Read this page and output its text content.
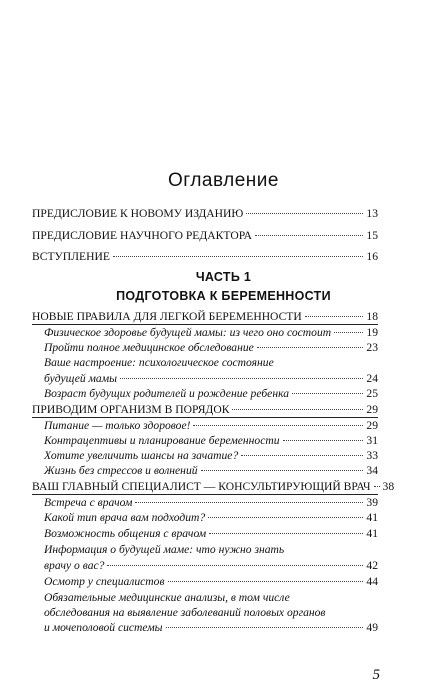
Оглавление
ПРЕДИСЛОВИЕ К НОВОМУ ИЗДАНИЮ	13
ПРЕДИСЛОВИЕ НАУЧНОГО РЕДАКТОРА	15
ВСТУПЛЕНИЕ	16
ЧАСТЬ 1
ПОДГОТОВКА К БЕРЕМЕННОСТИ
НОВЫЕ ПРАВИЛА ДЛЯ ЛЕГКОЙ БЕРЕМЕННОСТИ	18
Физическое здоровье будущей мамы: из чего оно состоит	19
Пройти полное медицинское обследование	23
Ваше настроение: психологическое состояние
будущей мамы	24
Возраст будущих родителей и рождение ребенка	25
ПРИВОДИМ ОРГАНИЗМ В ПОРЯДОК	29
Питание — только здоровое!	29
Контрацептивы и планирование беременности	31
Хотите увеличить шансы на зачатие?	33
Жизнь без стрессов и волнений	34
ВАШ ГЛАВНЫЙ СПЕЦИАЛИСТ — КОНСУЛЬТИРУЮЩИЙ ВРАЧ 38
Встреча с врачом	39
Какой тип врача вам подходит?	41
Возможность общения с врачом	41
Информация о будущей маме: что нужно знать
врачу о вас?	42
Осмотр у специалистов	44
Обязательные медицинские анализы, в том числе
обследования на выявление заболеваний половых органов
и мочеполовой системы	49
5
